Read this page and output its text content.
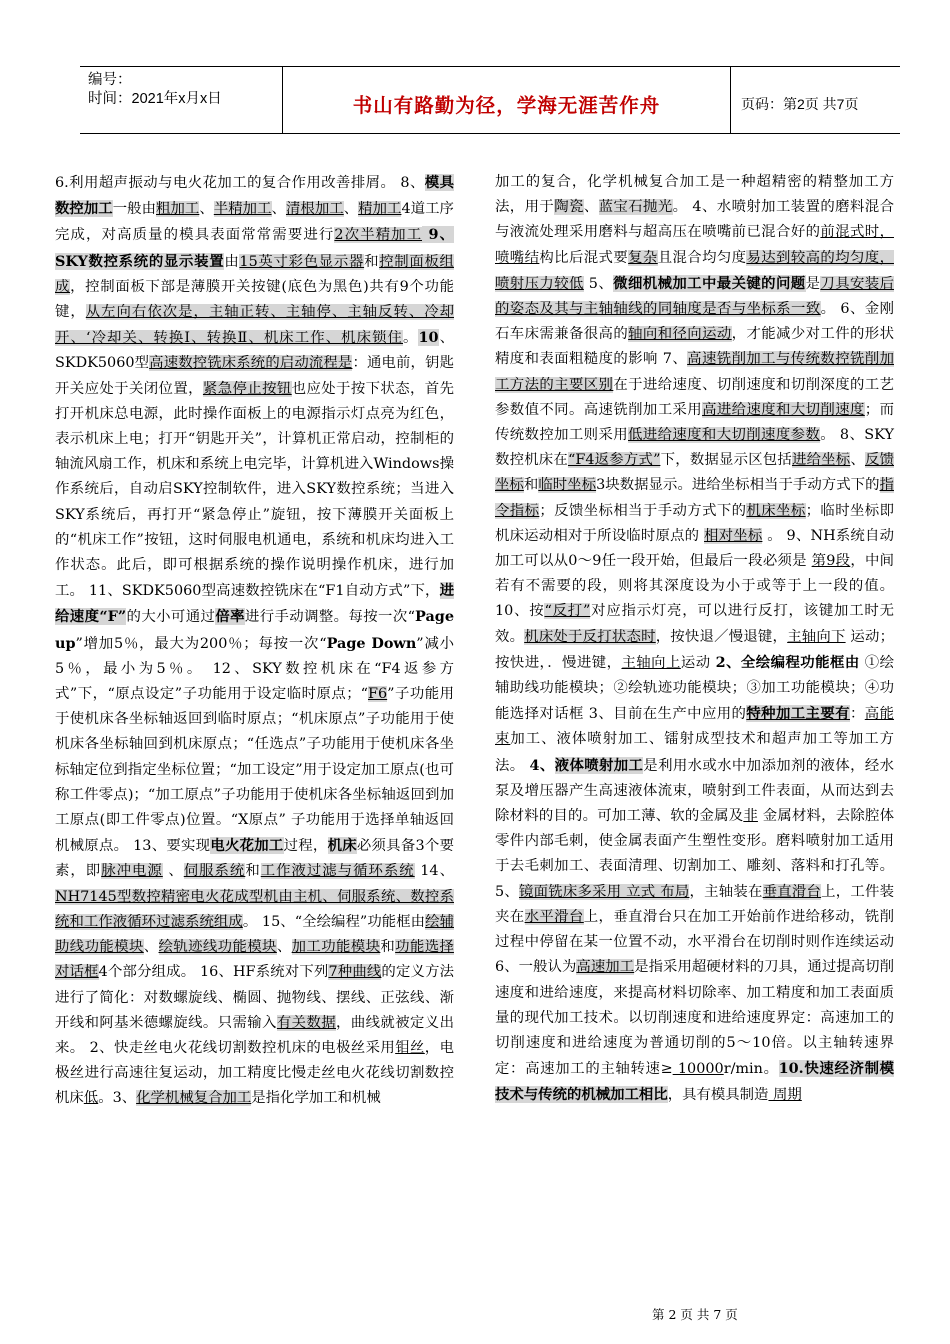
编号：
时间：2021年x月x日	书山有路勤为径，学海无涯苦作舟	页码：第2页 共7页

6.利用超声振动与电火花加工的复合作用改善排屑。 8、模具数控加工一般由粗加工、半精加工、清根加工、精加工4道工序完成，对高质量的模具表面常常需要进行2次半精加工 9、SKY数控系统的显示装置由15英寸彩色显示器和控制面板组成，控制面板下部是薄膜开关按键(底色为黑色)共有9个功能键，从左向右依次是，主轴正转、主轴停、主轴反转、冷却开、‘冷却关、转换Ⅰ、转换Ⅱ、机床工作、机床锁住。10、SKDK5060型高速数控铣床系统的启动流程是：通电前，钥匙开关应处于关闭位置，紧急停止按钮也应处于按下状态，首先打开机床总电源，此时操作面板上的电源指示灯点亮为红色，表示机床上电；打开“钥匙开关”，计算机正常启动，控制柜的轴流风扇工作，机床和系统上电完毕，计算机进入Windows操作系统后，自动启SKY控制软件，进入SKY数控系统；当进入SKY系统后，再打开“紧急停止”旋钮，按下薄膜开关面板上的“机床工作”按钮，这时伺服电机通电，系统和机床均进入工作状态。此后，即可根据系统的操作说明操作机床，进行加工。 11、SKDK5060型高速数控铣床在“F1自动方式”下，进给速度“F”的大小可通过倍率进行手动调整。每按一次“Page up”增加5％，最大为200％；每按一次“Page Down”减小5％，最小为5％。 12、SKY数控机床在“F4返参方式”下，“原点设定”子功能用于设定临时原点；“F6”子功能用于使机床各坐标轴返回到临时原点；“机床原点”子功能用于使机床各坐标轴回到机床原点；“任选点”子功能用于使机床各坐标轴定位到指定坐标位置；“加工设定”用于设定加工原点(也可称工件零点)；“加工原点”子功能用于使机床各坐标轴返回到加工原点(即工件零点)位置。“X原点” 子功能用于选择单轴返回机械原点。 13、要实现电火花加工过程，机床必须具备3个要素，即脉冲电源 、伺服系统和工作液过滤与循环系统 14、NH7145型数控精密电火花成型机由主机、伺服系统、数控系统和工作液循环过滤系统组成。 15、“全绘编程”功能框由绘辅助线功能模块、绘轨迹线功能模块、加工功能模块和功能选择对话框4个部分组成。 16、HF系统对下列7种曲线的定义方法进行了简化：对数螺旋线、椭圆、抛物线、摆线、正弦线、渐开线和阿基米德螺旋线。只需输入有关数据，曲线就被定义出来。 2、快走丝电火花线切割数控机床的电极丝采用钼丝，电极丝进行高速往复运动，加工精度比慢走丝电火花线切割数控机床低。3、化学机械复合加工是指化学加工和机械

加工的复合，化学机械复合加工是一种超精密的精整加工方法，用于陶瓷、蓝宝石抛光。 4、水喷射加工装置的磨料混合与液流处理采用磨料与超高压在喷嘴前已混合好的前混式时，喷嘴结构比后混式要复杂且混合均匀度易达到较高的均匀度，喷射压力较低 5、微细机械加工中最关键的问题是刀具安装后的姿态及其与主轴轴线的同轴度是否与坐标系一致。 6、金刚石车床需兼备很高的轴向和径向运动，才能减少对工件的形状精度和表面粗糙度的影响 7、高速铣削加工与传统数控铣削加工方法的主要区别在于进给速度、切削速度和切削深度的工艺参数值不同。高速铣削加工采用高进给速度和大切削速度；而传统数控加工则采用低进给速度和大切削速度参数。 8、SKY数控机床在“F4返参方式”下，数据显示区包括进给坐标、反馈坐标和临时坐标3块数据显示。进给坐标相当于手动方式下的指令指标；反馈坐标相当于手动方式下的机床坐标；临时坐标即机床运动相对于所设临时原点的 相对坐标 。 9、NH系统自动加工可以从0～9任一段开始，但最后一段必须是 第9段，中间若有不需要的段，则将其深度设为小于或等于上一段的值。 10、按“反打”对应指示灯亮，可以进行反打，该键加工时无效。机床处于反打状态时，按快退／慢退键，主轴向下 运动；按快进，．慢进键，主轴向上运动 2、全绘编程功能框由 ①绘辅助线功能模块；②绘轨迹功能模块；③加工功能模块；④功能选择对话框 3、目前在生产中应用的特种加工主要有：高能束加工、液体喷射加工、镭射成型技术和超声加工等加工方法。 4、液体喷射加工是利用水或水中加添加剂的液体，经水泵及增压器产生高速液体流束，喷射到工件表面，从而达到去除材料的目的。可加工薄、软的金属及非 金属材料，去除腔体零件内部毛刺，使金属表面产生塑性变形。磨料喷射加工适用于去毛刺加工、表面清理、切割加工、雕刻、落料和打孔等。5、镜面铣床多采用 立式 布局，主轴装在垂直滑台上，工件装夹在水平滑台上，垂直滑台只在加工开始前作进给移动，铣削过程中停留在某一位置不动，水平滑台在切削时则作连续运动6、一般认为高速加工是指采用超硬材料的刀具，通过提高切削速度和进给速度，来提高材料切除率、加工精度和加工表面质量的现代加工技术。以切削速度和进给速度界定：高速加工的切削速度和进给速度为普通切削的5～10倍。以主轴转速界定：高速加工的主轴转速≥ 10000r/min。10.快速经济制模技术与传统的机械加工相比，具有模具制造 周期

第 2 页 共 7 页
